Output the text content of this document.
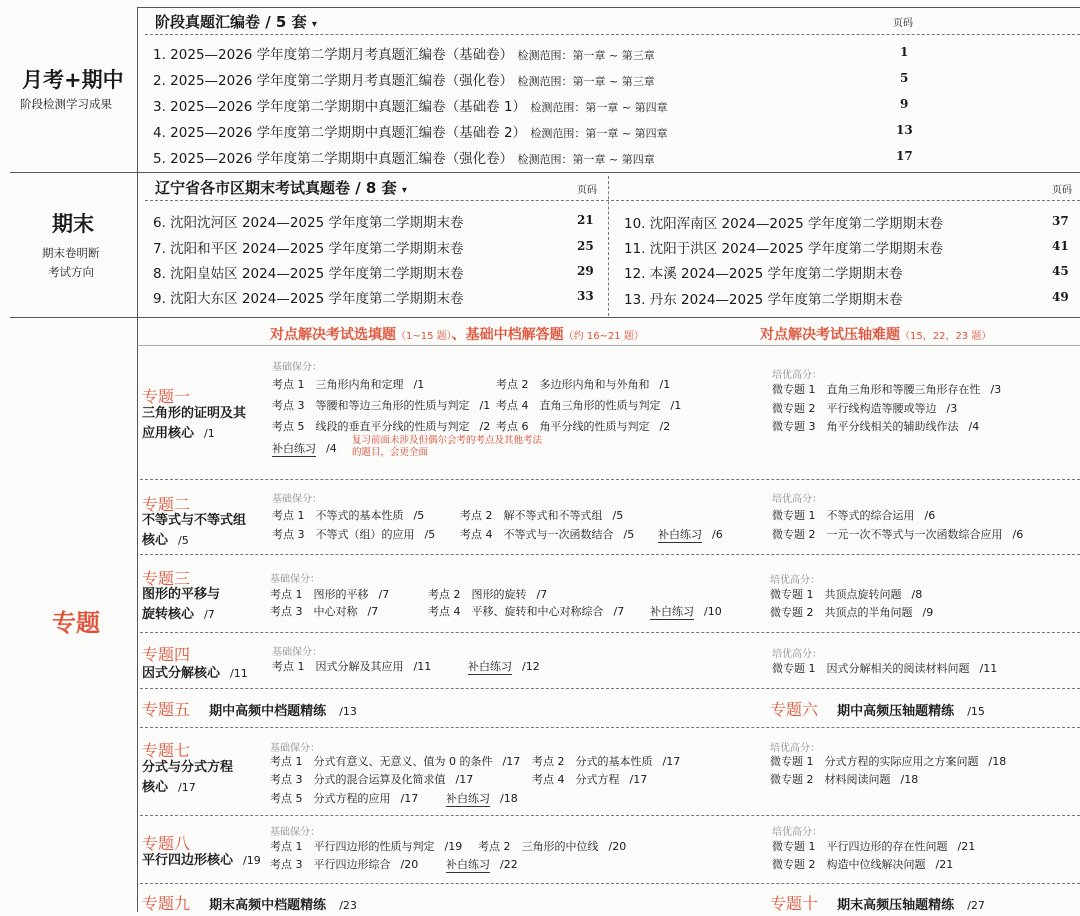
月考+期中
阶段检测学习成果
阶段真题汇编卷 / 5 套 ▾	页码
1. 2025—2026 学年度第二学期月考真题汇编卷（基础卷） 检测范围：第一章 ~ 第三章	1
2. 2025—2026 学年度第二学期月考真题汇编卷（强化卷） 检测范围：第一章 ~ 第三章	5
3. 2025—2026 学年度第二学期期中真题汇编卷（基础卷 1） 检测范围：第一章 ~ 第四章	9
4. 2025—2026 学年度第二学期期中真题汇编卷（基础卷 2） 检测范围：第一章 ~ 第四章	13
5. 2025—2026 学年度第二学期期中真题汇编卷（强化卷） 检测范围：第一章 ~ 第四章	17
期末
期末卷明断
考试方向
辽宁省各市区期末考试真题卷 / 8 套 ▾	页码	页码
6. 沈阳沈河区 2024—2025 学年度第二学期期末卷	21
7. 沈阳和平区 2024—2025 学年度第二学期期末卷	25
8. 沈阳皇姑区 2024—2025 学年度第二学期期末卷	29
9. 沈阳大东区 2024—2025 学年度第二学期期末卷	33
10. 沈阳浑南区 2024—2025 学年度第二学期期末卷	37
11. 沈阳于洪区 2024—2025 学年度第二学期期末卷	41
12. 本溪 2024—2025 学年度第二学期期末卷	45
13. 丹东 2024—2025 学年度第二学期期末卷	49
专题
对点解决考试选填题（1~15 题）、基础中档解答题（约 16~21 题）	对点解决考试压轴难题（15，22，23 题）
专题一
三角形的证明及其
应用核心 /1
基础保分：
考点 1　三角形内角和定理 /1	考点 2　多边形内角和与外角和 /1
考点 3　等腰和等边三角形的性质与判定 /1 考点 4　直角三角形的性质与判定 /1
考点 5　线段的垂直平分线的性质与判定 /2 考点 6　角平分线的性质与判定 /2
补白练习 /4
复习前面未涉及但偶尔会考的考点及其他考法
的题目，会更全面
培优高分：
微专题 1　直角三角形和等腰三角形存在性 /3
微专题 2　平行线构造等腰或等边 /3
微专题 3　角平分线相关的辅助线作法 /4
专题二
不等式与不等式组
核心 /5
基础保分：
考点 1　不等式的基本性质 /5	考点 2　解不等式和不等式组 /5
考点 3　不等式（组）的应用 /5 考点 4　不等式与一次函数结合 /5 补白练习 /6
培优高分：
微专题 1　不等式的综合运用 /6
微专题 2　一元一次不等式与一次函数综合应用 /6
专题三
图形的平移与
旋转核心 /7
基础保分：
考点 1　图形的平移 /7	考点 2　图形的旋转 /7
考点 3　中心对称 /7	考点 4　平移、旋转和中心对称综合 /7 补白练习 /10
培优高分：
微专题 1　共顶点旋转问题 /8
微专题 2　共顶点的半角问题 /9
专题四
因式分解核心 /11
基础保分：
考点 1　因式分解及其应用 /11	补白练习 /12
培优高分：
微专题 1　因式分解相关的阅读材料问题 /11
专题五 期中高频中档题精练 /13	专题六 期中高频压轴题精练 /15
专题七
分式与分式方程
核心 /17
基础保分：
考点 1　分式有意义、无意义、值为 0 的条件 /17 考点 2　分式的基本性质 /17
考点 3　分式的混合运算及化简求值 /17	考点 4　分式方程 /17
考点 5　分式方程的应用 /17	补白练习 /18
培优高分：
微专题 1　分式方程的实际应用之方案问题 /18
微专题 2　材料阅读问题 /18
专题八
平行四边形核心 /19
基础保分：
考点 1　平行四边形的性质与判定 /19 考点 2　三角形的中位线 /20
考点 3　平行四边形综合 /20	补白练习 /22
培优高分：
微专题 1　平行四边形的存在性问题 /21
微专题 2　构造中位线解决问题 /21
专题九 期末高频中档题精练 /23	专题十 期末高频压轴题精练 /27
